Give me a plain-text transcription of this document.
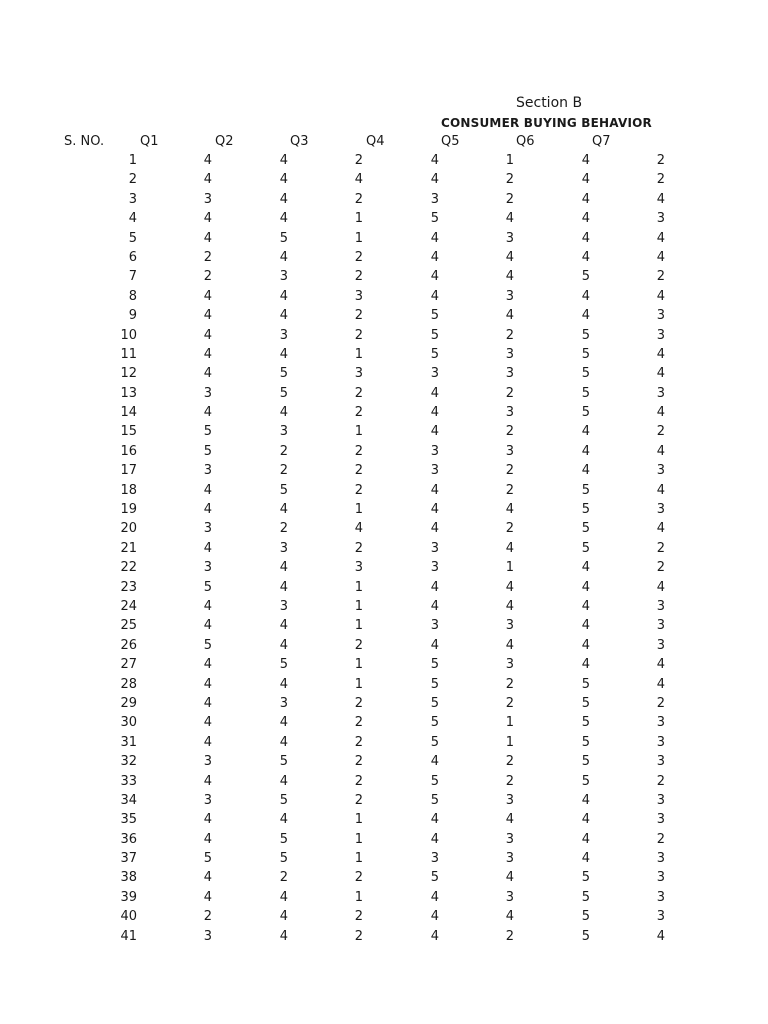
Section B
CONSUMER BUYING BEHAVIOR
S. NO.	Q1	Q2	Q3	Q4	Q5	Q6	Q7
1	4	4	2	4	1	4	2
2	4	4	4	4	2	4	2
3	3	4	2	3	2	4	4
4	4	4	1	5	4	4	3
5	4	5	1	4	3	4	4
6	2	4	2	4	4	4	4
7	2	3	2	4	4	5	2
8	4	4	3	4	3	4	4
9	4	4	2	5	4	4	3
10	4	3	2	5	2	5	3
11	4	4	1	5	3	5	4
12	4	5	3	3	3	5	4
13	3	5	2	4	2	5	3
14	4	4	2	4	3	5	4
15	5	3	1	4	2	4	2
16	5	2	2	3	3	4	4
17	3	2	2	3	2	4	3
18	4	5	2	4	2	5	4
19	4	4	1	4	4	5	3
20	3	2	4	4	2	5	4
21	4	3	2	3	4	5	2
22	3	4	3	3	1	4	2
23	5	4	1	4	4	4	4
24	4	3	1	4	4	4	3
25	4	4	1	3	3	4	3
26	5	4	2	4	4	4	3
27	4	5	1	5	3	4	4
28	4	4	1	5	2	5	4
29	4	3	2	5	2	5	2
30	4	4	2	5	1	5	3
31	4	4	2	5	1	5	3
32	3	5	2	4	2	5	3
33	4	4	2	5	2	5	2
34	3	5	2	5	3	4	3
35	4	4	1	4	4	4	3
36	4	5	1	4	3	4	2
37	5	5	1	3	3	4	3
38	4	2	2	5	4	5	3
39	4	4	1	4	3	5	3
40	2	4	2	4	4	5	3
41	3	4	2	4	2	5	4
